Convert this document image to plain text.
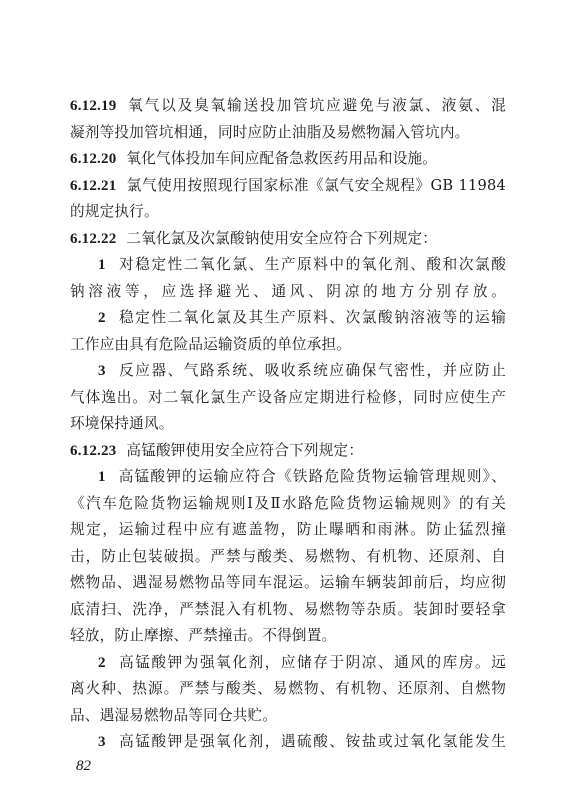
6.12.19 氧气以及臭氧输送投加管坑应避免与液氯、液氨、混
凝剂等投加管坑相通，同时应防止油脂及易燃物漏入管坑内。
6.12.20 氧化气体投加车间应配备急救医药用品和设施。
6.12.21 氯气使用按照现行国家标准《氯气安全规程》GB 11984
的规定执行。
6.12.22 二氧化氯及次氯酸钠使用安全应符合下列规定：
1 对稳定性二氧化氯、生产原料中的氧化剂、酸和次氯酸
钠溶液等，应选择避光、通风、阴凉的地方分别存放。
2 稳定性二氧化氯及其生产原料、次氯酸钠溶液等的运输
工作应由具有危险品运输资质的单位承担。
3 反应器、气路系统、吸收系统应确保气密性，并应防止
气体逸出。对二氧化氯生产设备应定期进行检修，同时应使生产
环境保持通风。
6.12.23 高锰酸钾使用安全应符合下列规定：
1 高锰酸钾的运输应符合《铁路危险货物运输管理规则》、
《汽车危险货物运输规则Ⅰ及Ⅱ水路危险货物运输规则》的有关
规定，运输过程中应有遮盖物，防止曝晒和雨淋。防止猛烈撞
击，防止包装破损。严禁与酸类、易燃物、有机物、还原剂、自
燃物品、遇湿易燃物品等同车混运。运输车辆装卸前后，均应彻
底清扫、洗净，严禁混入有机物、易燃物等杂质。装卸时要轻拿
轻放，防止摩擦、严禁撞击。不得倒置。
2 高锰酸钾为强氧化剂，应储存于阴凉、通风的库房。远
离火种、热源。严禁与酸类、易燃物、有机物、还原剂、自燃物
82
品、遇湿易燃物品等同仓共贮。
3 高锰酸钾是强氧化剂，遇硫酸、铵盐或过氧化氢能发生
